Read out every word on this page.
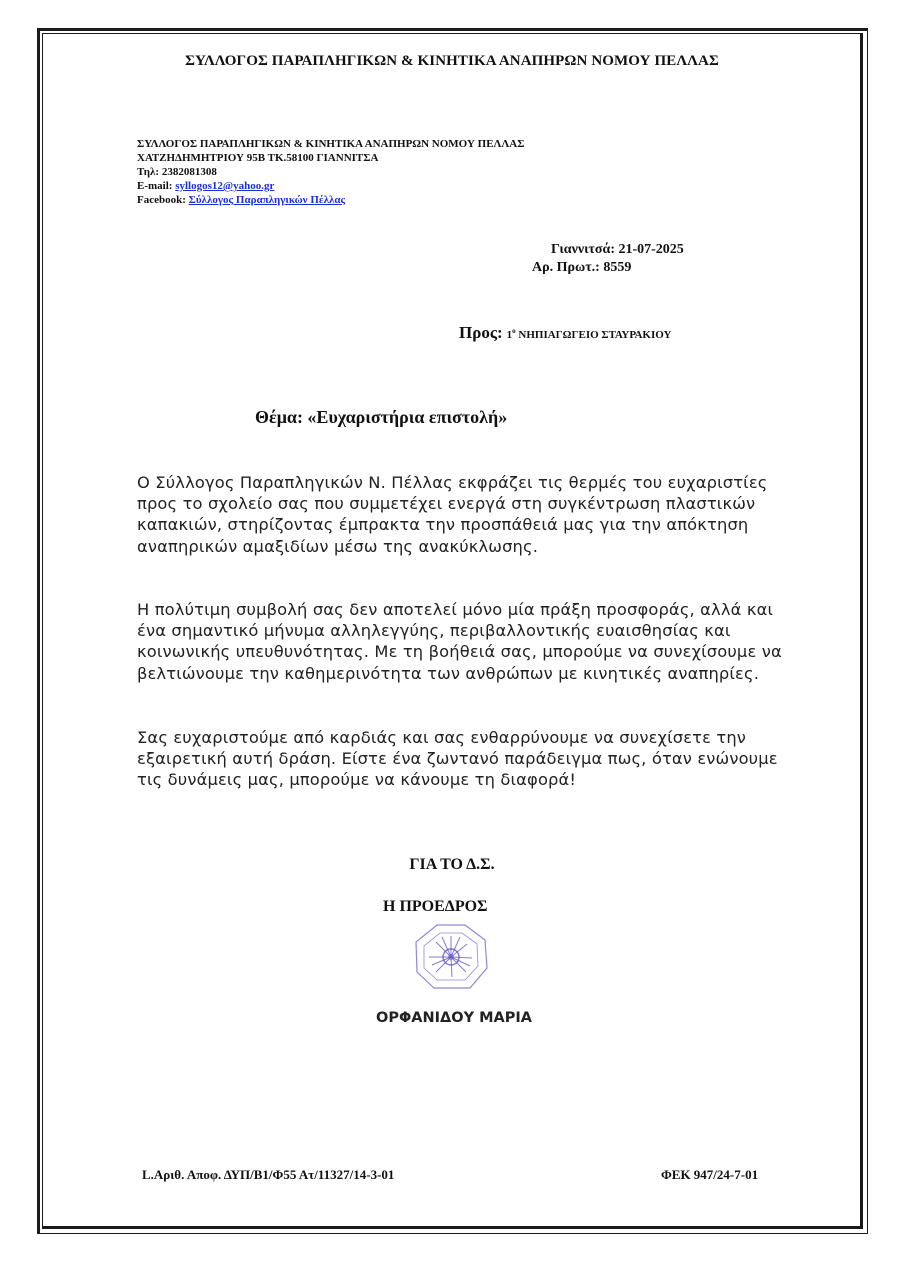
ΣΥΛΛΟΓΟΣ ΠΑΡΑΠΛΗΓΙΚΩΝ & ΚΙΝΗΤΙΚΑ ΑΝΑΠΗΡΩΝ ΝΟΜΟΥ ΠΕΛΛΑΣ
ΣΥΛΛΟΓΟΣ ΠΑΡΑΠΛΗΓΙΚΩΝ & ΚΙΝΗΤΙΚΑ ΑΝΑΠΗΡΩΝ ΝΟΜΟΥ ΠΕΛΛΑΣ
ΧΑΤΖΗΔΗΜΗΤΡΙΟΥ 95Β ΤΚ.58100 ΓΙΑΝΝΙΤΣΑ
Τηλ: 2382081308
E-mail: syllogos12@yahoo.gr
Facebook: Σύλλογος Παραπληγικών Πέλλας
Γιαννιτσά: 21-07-2025
Αρ. Πρωτ.: 8559
Προς: $1^o$ ΝΗΠΙΑΓΩΓΕΙΟ ΣΤΑΥΡΑΚΙΟΥ
Θέμα: «Ευχαριστήρια επιστολή»
Ο Σύλλογος Παραπληγικών Ν. Πέλλας εκφράζει τις θερμές του ευχαριστίες προς το σχολείο σας που συμμετέχει ενεργά στη συγκέντρωση πλαστικών καπακιών, στηρίζοντας έμπρακτα την προσπάθειά μας για την απόκτηση αναπηρικών αμαξιδίων μέσω της ανακύκλωσης.
Η πολύτιμη συμβολή σας δεν αποτελεί μόνο μία πράξη προσφοράς, αλλά και ένα σημαντικό μήνυμα αλληλεγγύης, περιβαλλοντικής ευαισθησίας και κοινωνικής υπευθυνότητας. Με τη βοήθειά σας, μπορούμε να συνεχίσουμε να βελτιώνουμε την καθημερινότητα των ανθρώπων με κινητικές αναπηρίες.
Σας ευχαριστούμε από καρδιάς και σας ενθαρρύνουμε να συνεχίσετε την εξαιρετική αυτή δράση. Είστε ένα ζωντανό παράδειγμα πως, όταν ενώνουμε τις δυνάμεις μας, μπορούμε να κάνουμε τη διαφορά!
ΓΙΑ ΤΟ Δ.Σ.
Η ΠΡΟΕΔΡΟΣ
ΟΡΦΑΝΙΔΟΥ ΜΑΡΙΑ
L.Αριθ. Αποφ. ΔΥΠ/Β1/Φ55 Ατ/11327/14-3-01	ΦΕΚ 947/24-7-01
